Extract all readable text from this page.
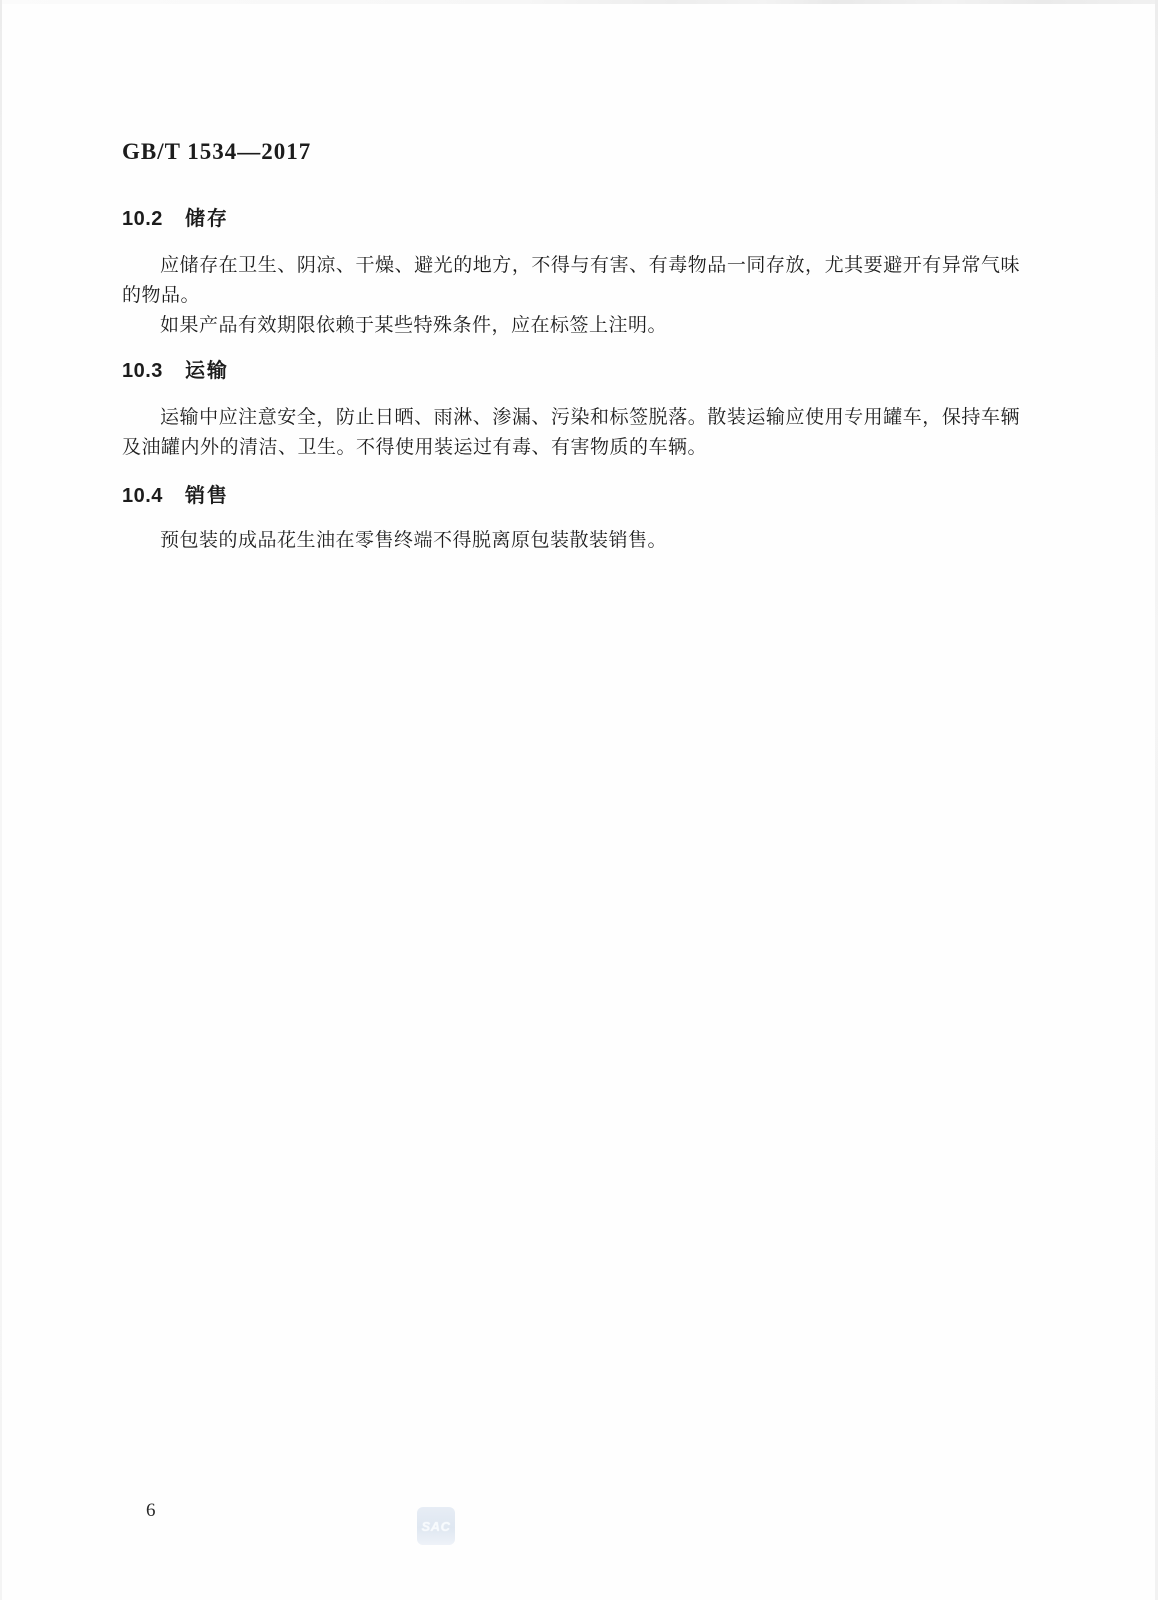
GB/T 1534—2017
10.2 储存

应储存在卫生、阴凉、干燥、避光的地方，不得与有害、有毒物品一同存放，尤其要避开有异常气味的物品。

如果产品有效期限依赖于某些特殊条件，应在标签上注明。

10.3 运输

运输中应注意安全，防止日晒、雨淋、渗漏、污染和标签脱落。散装运输应使用专用罐车，保持车辆及油罐内外的清洁、卫生。不得使用装运过有毒、有害物质的车辆。

10.4 销售

预包装的成品花生油在零售终端不得脱离原包装散装销售。

6
SAC
